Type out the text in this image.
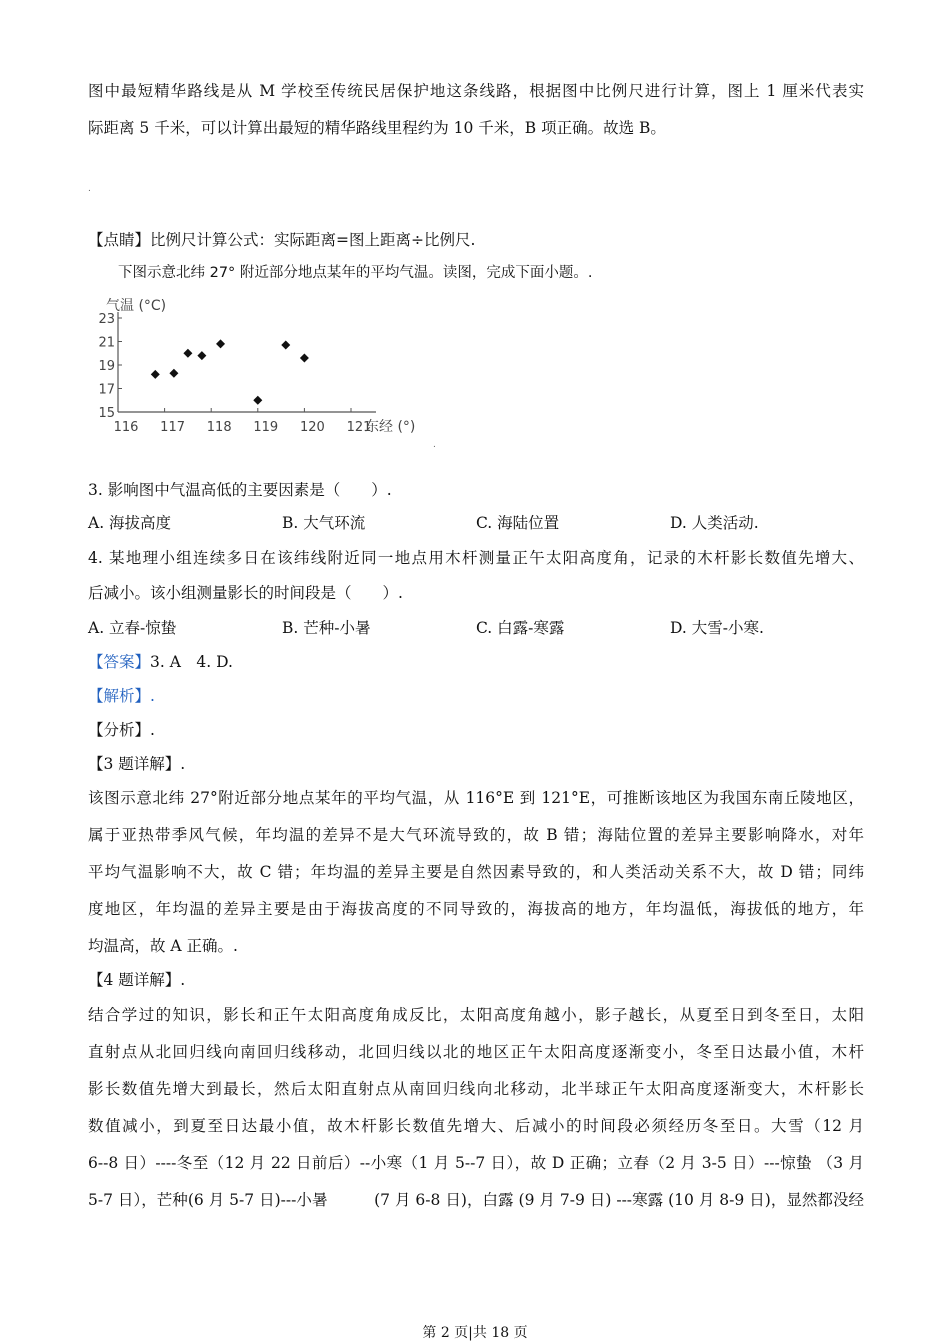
图中最短精华路线是从 M 学校至传统民居保护地这条线路，根据图中比例尺进行计算，图上 1 厘米代表实
际距离 5 千米，可以计算出最短的精华路线里程约为 10 千米，B 项正确。故选 B。
【点睛】比例尺计算公式：实际距离=图上距离÷比例尺.
下图示意北纬 27° 附近部分地点某年的平均气温。读图，完成下面小题。.
23
21
19
17
15
116 117 118 119 120 121
气温 (°C)
东经 (°)
3. 影响图中气温高低的主要因素是（　　）.
A. 海拔高度	B. 大气环流	C. 海陆位置	D. 人类活动.
4. 某地理小组连续多日在该纬线附近同一地点用木杆测量正午太阳高度角，记录的木杆影长数值先增大、
后减小。该小组测量影长的时间段是（　　）.
A. 立春-惊蛰	B. 芒种-小暑	C. 白露-寒露	D. 大雪-小寒.
【答案】3. A　4. D.
【解析】.
【分析】.
【3 题详解】.
该图示意北纬 27°附近部分地点某年的平均气温，从 116°E 到 121°E，可推断该地区为我国东南丘陵地区，
属于亚热带季风气候，年均温的差异不是大气环流导致的，故 B 错；海陆位置的差异主要影响降水，对年
平均气温影响不大，故 C 错；年均温的差异主要是自然因素导致的，和人类活动关系不大，故 D 错；同纬
度地区，年均温的差异主要是由于海拔高度的不同导致的，海拔高的地方，年均温低，海拔低的地方，年
均温高，故 A 正确。.
【4 题详解】.
结合学过的知识，影长和正午太阳高度角成反比，太阳高度角越小，影子越长，从夏至日到冬至日，太阳
直射点从北回归线向南回归线移动，北回归线以北的地区正午太阳高度逐渐变小，冬至日达最小值，木杆
影长数值先增大到最长，然后太阳直射点从南回归线向北移动，北半球正午太阳高度逐渐变大，木杆影长
数值减小，到夏至日达最小值，故木杆影长数值先增大、后减小的时间段必须经历冬至日。大雪（12 月
6--8 日）----冬至（12 月 22 日前后）--小寒（1 月 5--7 日），故 D 正确；立春（2 月 3-5 日）---惊蛰 （3 月
5-7 日），芒种(6 月 5-7 日)---小暑　　　(7 月 6-8 日)，白露 (9 月 7-9 日) ---寒露 (10 月 8-9 日)，显然都没经
.
.
第 2 页|共 18 页
